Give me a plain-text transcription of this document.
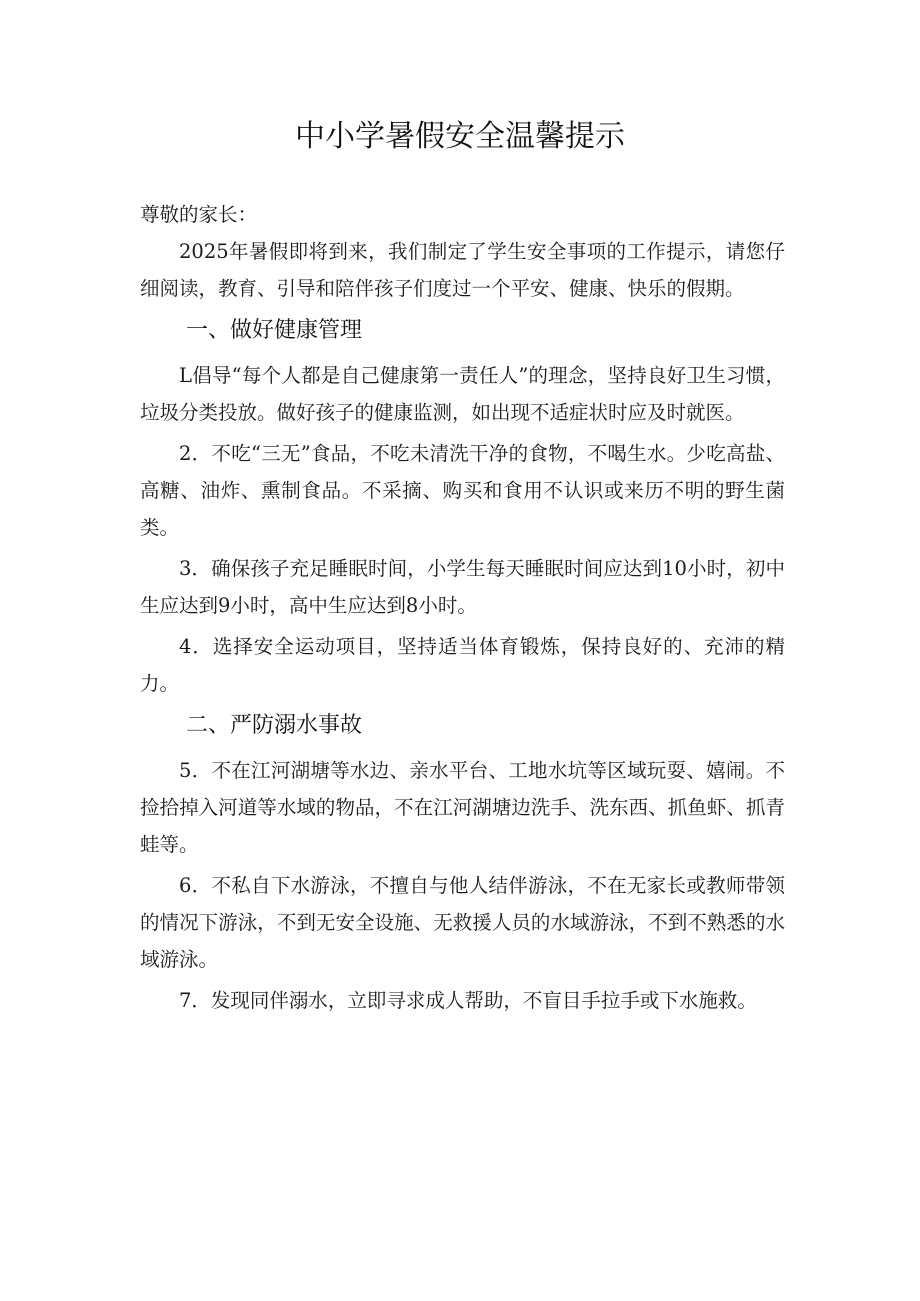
中小学暑假安全温馨提示

尊敬的家长：

2025年暑假即将到来，我们制定了学生安全事项的工作提示，请您仔细阅读，教育、引导和陪伴孩子们度过一个平安、健康、快乐的假期。

一、做好健康管理

L倡导“每个人都是自己健康第一责任人”的理念，坚持良好卫生习惯，垃圾分类投放。做好孩子的健康监测，如出现不适症状时应及时就医。

2．不吃“三无”食品，不吃未清洗干净的食物，不喝生水。少吃高盐、高糖、油炸、熏制食品。不采摘、购买和食用不认识或来历不明的野生菌类。

3．确保孩子充足睡眠时间，小学生每天睡眠时间应达到10小时，初中生应达到9小时，高中生应达到8小时。

4．选择安全运动项目，坚持适当体育锻炼，保持良好的、充沛的精力。

二、严防溺水事故

5．不在江河湖塘等水边、亲水平台、工地水坑等区域玩耍、嬉闹。不捡拾掉入河道等水域的物品，不在江河湖塘边洗手、洗东西、抓鱼虾、抓青蛙等。

6．不私自下水游泳，不擅自与他人结伴游泳，不在无家长或教师带领的情况下游泳，不到无安全设施、无救援人员的水域游泳，不到不熟悉的水域游泳。

7．发现同伴溺水，立即寻求成人帮助，不盲目手拉手或下水施救。
